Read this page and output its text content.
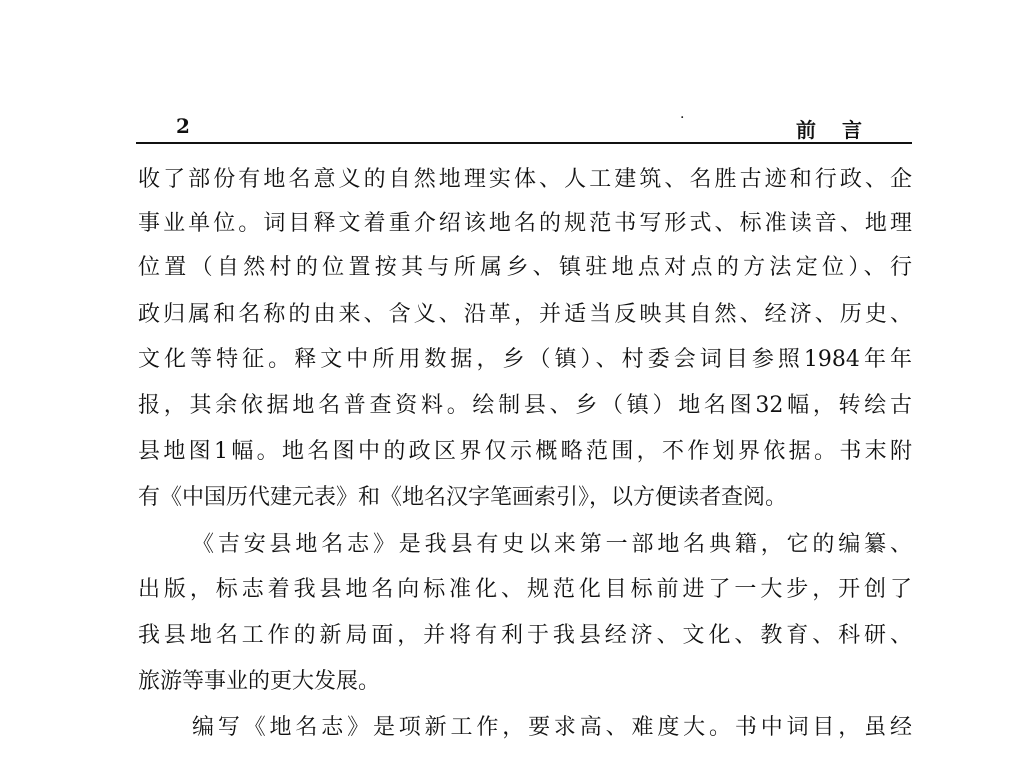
2	·	前言
收了部份有地名意义的自然地理实体、人工建筑、名胜古迹和行政、企
事业单位。词目释文着重介绍该地名的规范书写形式、标准读音、地理
位置（自然村的位置按其与所属乡、镇驻地点对点的方法定位）、行
政归属和名称的由来、含义、沿革，并适当反映其自然、经济、历史、
文化等特征。释文中所用数据，乡（镇）、村委会词目参照1984年年
报，其余依据地名普查资料。绘制县、乡（镇）地名图32幅，转绘古
县地图1幅。地名图中的政区界仅示概略范围，不作划界依据。书末附
有《中国历代建元表》和《地名汉字笔画索引》，以方便读者查阅。
《吉安县地名志》是我县有史以来第一部地名典籍，它的编纂、
出版，标志着我县地名向标准化、规范化目标前进了一大步，开创了
我县地名工作的新局面，并将有利于我县经济、文化、教育、科研、
旅游等事业的更大发展。
编写《地名志》是项新工作，要求高、难度大。书中词目，虽经
